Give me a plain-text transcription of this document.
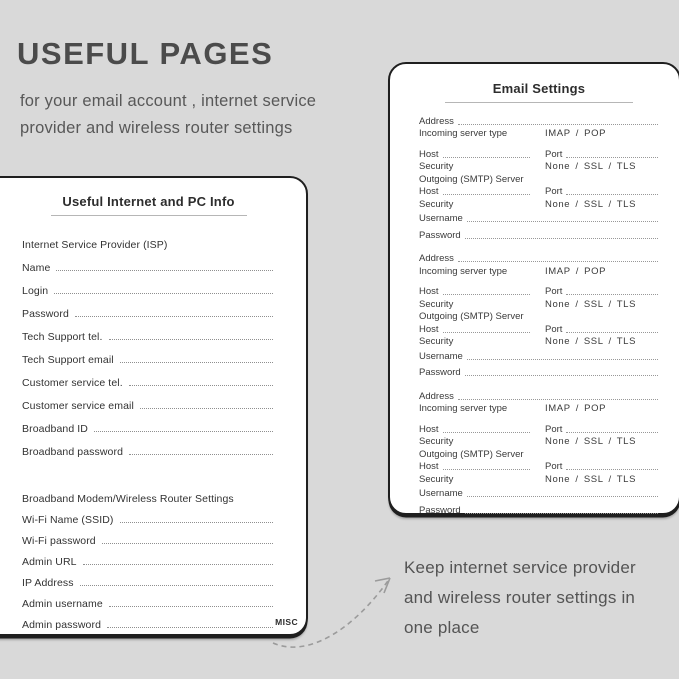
USEFUL PAGES
for your email account , internet service
provider and wireless router settings
Useful Internet and PC Info
Internet Service Provider (ISP)
Name
Login
Password
Tech Support tel.
Tech Support email
Customer service tel.
Customer service email
Broadband ID
Broadband password
Broadband Modem/Wireless Router Settings
Wi-Fi Name (SSID)
Wi-Fi password
Admin URL
IP Address
Admin username
Admin password	MISC
Email Settings
Address
Incoming server type	IMAP / POP
Host	Port
Security	None / SSL / TLS
Outgoing (SMTP) Server
Host	Port
Security	None / SSL / TLS
Username
Password
Address
Incoming server type	IMAP / POP
Host	Port
Security	None / SSL / TLS
Outgoing (SMTP) Server
Host	Port
Security	None / SSL / TLS
Username
Password
Address
Incoming server type	IMAP / POP
Host	Port
Security	None / SSL / TLS
Outgoing (SMTP) Server
Host	Port
Security	None / SSL / TLS
Username
Password
Keep internet service provider
and wireless router settings in
one place
